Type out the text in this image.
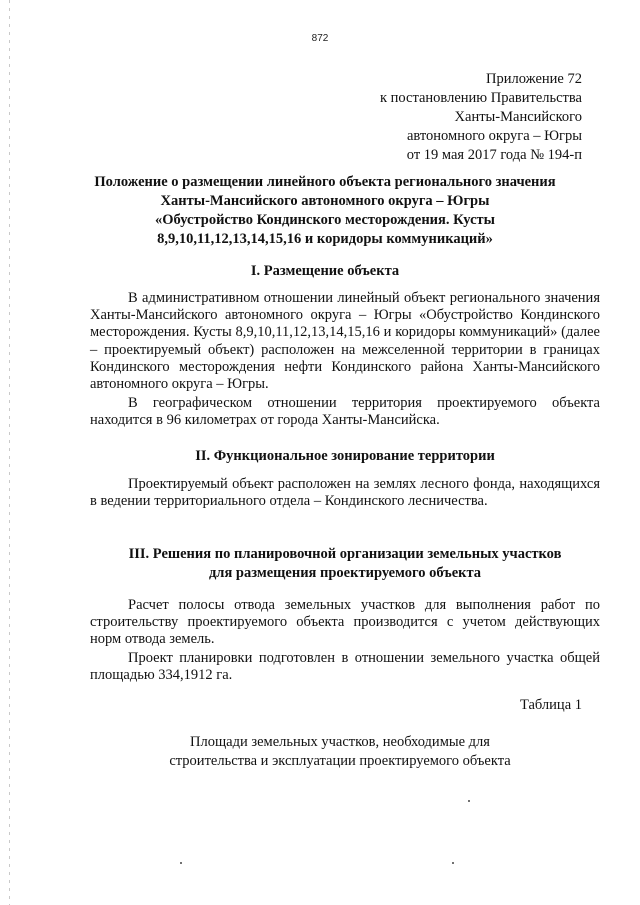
872
Приложение 72
к постановлению Правительства
Ханты-Мансийского
автономного округа – Югры
от 19 мая 2017 года № 194-п
Положение о размещении линейного объекта регионального значения
Ханты-Мансийского автономного округа – Югры
«Обустройство Кондинского месторождения. Кусты
8,9,10,11,12,13,14,15,16 и коридоры коммуникаций»
I. Размещение объекта
В административном отношении линейный объект регионального значения Ханты-Мансийского автономного округа – Югры «Обустройство Кондинского месторождения. Кусты 8,9,10,11,12,13,14,15,16 и коридоры коммуникаций» (далее – проектируемый объект) расположен на межселенной территории в границах Кондинского месторождения нефти Кондинского района Ханты-Мансийского автономного округа – Югры.
В географическом отношении территория проектируемого объекта находится в 96 километрах от города Ханты-Мансийска.
II. Функциональное зонирование территории
Проектируемый объект расположен на землях лесного фонда, находящихся в ведении территориального отдела – Кондинского лесничества.
III. Решения по планировочной организации земельных участков
для размещения проектируемого объекта
Расчет полосы отвода земельных участков для выполнения работ по строительству проектируемого объекта производится с учетом действующих норм отвода земель.
Проект планировки подготовлен в отношении земельного участка общей площадью 334,1912 га.
Таблица 1
Площади земельных участков, необходимые для
строительства и эксплуатации проектируемого объекта
